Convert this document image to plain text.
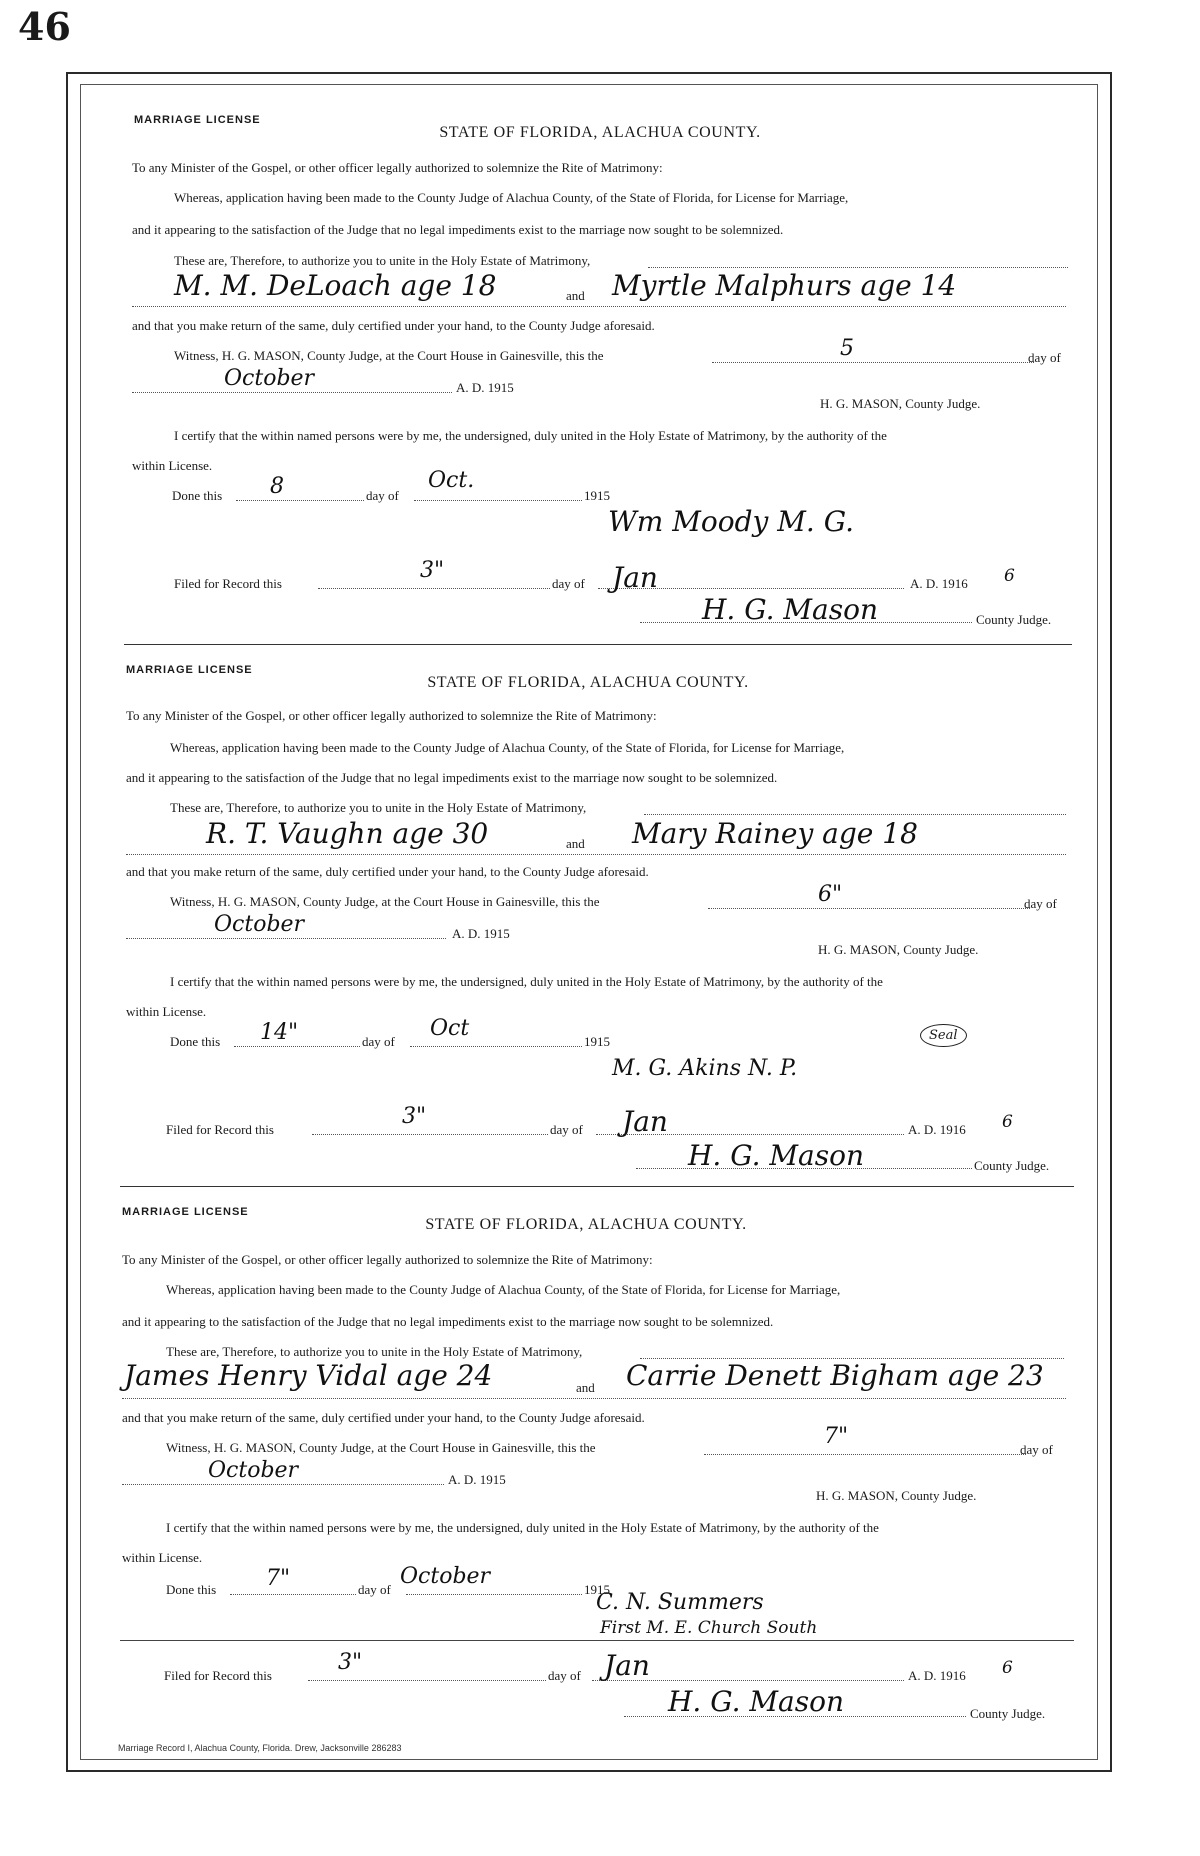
46
MARRIAGE LICENSE
STATE OF FLORIDA, ALACHUA COUNTY.
To any Minister of the Gospel, or other officer legally authorized to solemnize the Rite of Matrimony:
Whereas, application having been made to the County Judge of Alachua County, of the State of Florida, for License for Marriage,
and it appearing to the satisfaction of the Judge that no legal impediments exist to the marriage now sought to be solemnized.
These are, Therefore, to authorize you to unite in the Holy Estate of Matrimony,
M. M. DeLoach age 18	and Myrtle Malphurs age 14
and that you make return of the same, duly certified under your hand, to the County Judge aforesaid.
Witness, H. G. MASON, County Judge, at the Court House in Gainesville, this the	5	day of
October	A. D. 1915
H. G. MASON, County Judge.
I certify that the within named persons were by me, the undersigned, duly united in the Holy Estate of Matrimony, by the authority of the
within License.
Done this 8	day of
Oct.
1915
Wm Moody M. G.
Filed for Record this
3"
day of Jan	A. D. 1916 6
H. G. Mason	County Judge.
MARRIAGE LICENSE
STATE OF FLORIDA, ALACHUA COUNTY.
To any Minister of the Gospel, or other officer legally authorized to solemnize the Rite of Matrimony:
Whereas, application having been made to the County Judge of Alachua County, of the State of Florida, for License for Marriage,
and it appearing to the satisfaction of the Judge that no legal impediments exist to the marriage now sought to be solemnized.
These are, Therefore, to authorize you to unite in the Holy Estate of Matrimony,
R. T. Vaughn age 30	and Mary Rainey age 18
and that you make return of the same, duly certified under your hand, to the County Judge aforesaid.
Witness, H. G. MASON, County Judge, at the Court House in Gainesville, this the	6"	day of
October	A. D. 1915
H. G. MASON, County Judge.
I certify that the within named persons were by me, the undersigned, duly united in the Holy Estate of Matrimony, by the authority of the
within License.
Done this 14"	day of
Oct
1915	Seal
M. G. Akins N. P.
Filed for Record this
3"
day of Jan	A. D. 1916 6
H. G. Mason	County Judge.
MARRIAGE LICENSE
STATE OF FLORIDA, ALACHUA COUNTY.
To any Minister of the Gospel, or other officer legally authorized to solemnize the Rite of Matrimony:
Whereas, application having been made to the County Judge of Alachua County, of the State of Florida, for License for Marriage,
and it appearing to the satisfaction of the Judge that no legal impediments exist to the marriage now sought to be solemnized.
These are, Therefore, to authorize you to unite in the Holy Estate of Matrimony,
James Henry Vidal age 24	and Carrie Denett Bigham age 23
and that you make return of the same, duly certified under your hand, to the County Judge aforesaid.
Witness, H. G. MASON, County Judge, at the Court House in Gainesville, this the	7"
day of
October	A. D. 1915
H. G. MASON, County Judge.
I certify that the within named persons were by me, the undersigned, duly united in the Holy Estate of Matrimony, by the authority of the
within License.
Done this 7"	day of
October
1915
C. N. Summers
First M. E. Church South
Filed for Record this
3"
day of Jan	A. D. 1916 6
H. G. Mason	County Judge.
Marriage Record I, Alachua County, Florida. Drew, Jacksonville 286283
